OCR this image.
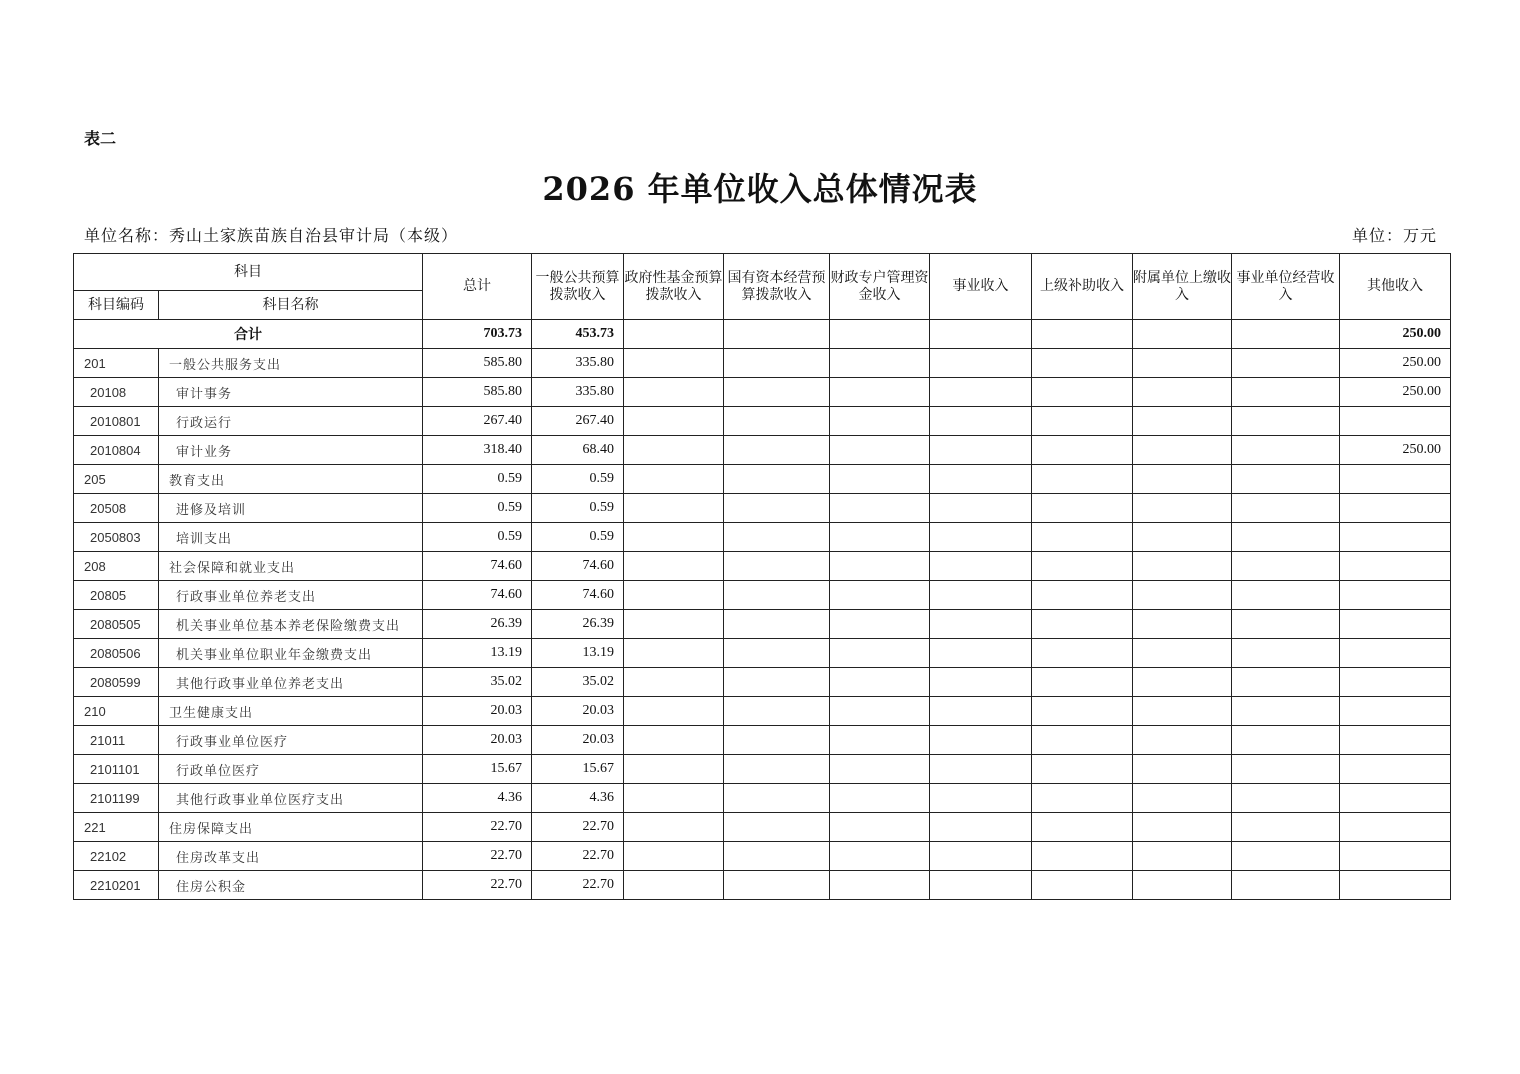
表二
2026 年单位收入总体情况表
单位名称：秀山土家族苗族自治县审计局（本级）	单位：万元
科目		总计	一般公共预算拨款收入	政府性基金预算拨款收入	国有资本经营预算拨款收入	财政专户管理资金收入	事业收入	上级补助收入	附属单位上缴收入	事业单位经营收入	其他收入
科目编码	科目名称										
合计		703.73	453.73								250.00
201	一般公共服务支出	585.80	335.80								250.00
20108	审计事务	585.80	335.80								250.00
2010801	行政运行	267.40	267.40								
2010804	审计业务	318.40	68.40								250.00
205	教育支出	0.59	0.59								
20508	进修及培训	0.59	0.59								
2050803	培训支出	0.59	0.59								
208	社会保障和就业支出	74.60	74.60								
20805	行政事业单位养老支出	74.60	74.60								
2080505	机关事业单位基本养老保险缴费支出	26.39	26.39								
2080506	机关事业单位职业年金缴费支出	13.19	13.19								
2080599	其他行政事业单位养老支出	35.02	35.02								
210	卫生健康支出	20.03	20.03								
21011	行政事业单位医疗	20.03	20.03								
2101101	行政单位医疗	15.67	15.67								
2101199	其他行政事业单位医疗支出	4.36	4.36								
221	住房保障支出	22.70	22.70								
22102	住房改革支出	22.70	22.70								
2210201	住房公积金	22.70	22.70								
